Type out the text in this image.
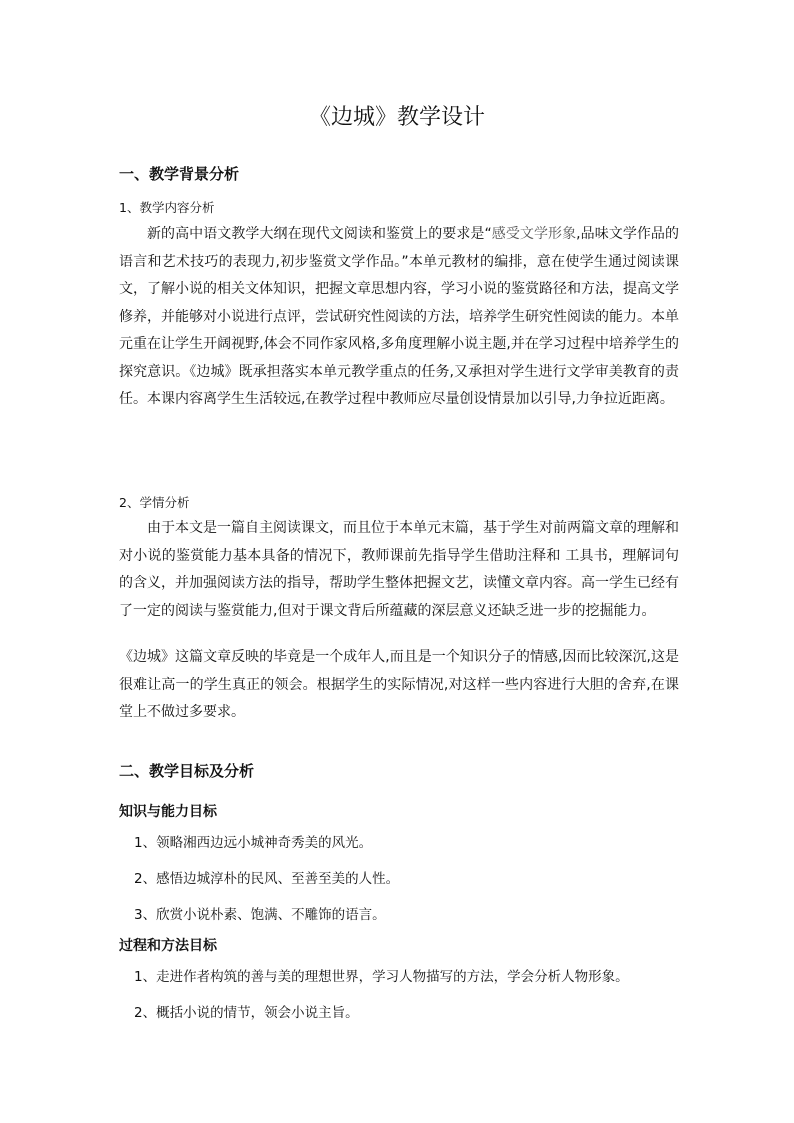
《边城》教学设计
一、教学背景分析
1、教学内容分析
新的高中语文教学大纲在现代文阅读和鉴赏上的要求是“感受文学形象,品味文学作品的语言和艺术技巧的表现力,初步鉴赏文学作品。”本单元教材的编排，意在使学生通过阅读课文，了解小说的相关文体知识，把握文章思想内容，学习小说的鉴赏路径和方法，提高文学修养，并能够对小说进行点评，尝试研究性阅读的方法，培养学生研究性阅读的能力。本单元重在让学生开阔视野,体会不同作家风格,多角度理解小说主题,并在学习过程中培养学生的探究意识。《边城》既承担落实本单元教学重点的任务,又承担对学生进行文学审美教育的责任。本课内容离学生生活较远,在教学过程中教师应尽量创设情景加以引导,力争拉近距离。
2、学情分析
由于本文是一篇自主阅读课文，而且位于本单元末篇，基于学生对前两篇文章的理解和对小说的鉴赏能力基本具备的情况下，教师课前先指导学生借助注释和 工具书，理解词句的含义，并加强阅读方法的指导，帮助学生整体把握文艺，读懂文章内容。高一学生已经有了一定的阅读与鉴赏能力,但对于课文背后所蕴藏的深层意义还缺乏进一步的挖掘能力。
《边城》这篇文章反映的毕竟是一个成年人,而且是一个知识分子的情感,因而比较深沉,这是很难让高一的学生真正的领会。根据学生的实际情况,对这样一些内容进行大胆的舍弃,在课堂上不做过多要求。
二、教学目标及分析
知识与能力目标
1、领略湘西边远小城神奇秀美的风光。
2、感悟边城淳朴的民风、至善至美的人性。
3、欣赏小说朴素、饱满、不雕饰的语言。
过程和方法目标
1、走进作者构筑的善与美的理想世界，学习人物描写的方法，学会分析人物形象。
2、概括小说的情节，领会小说主旨。
